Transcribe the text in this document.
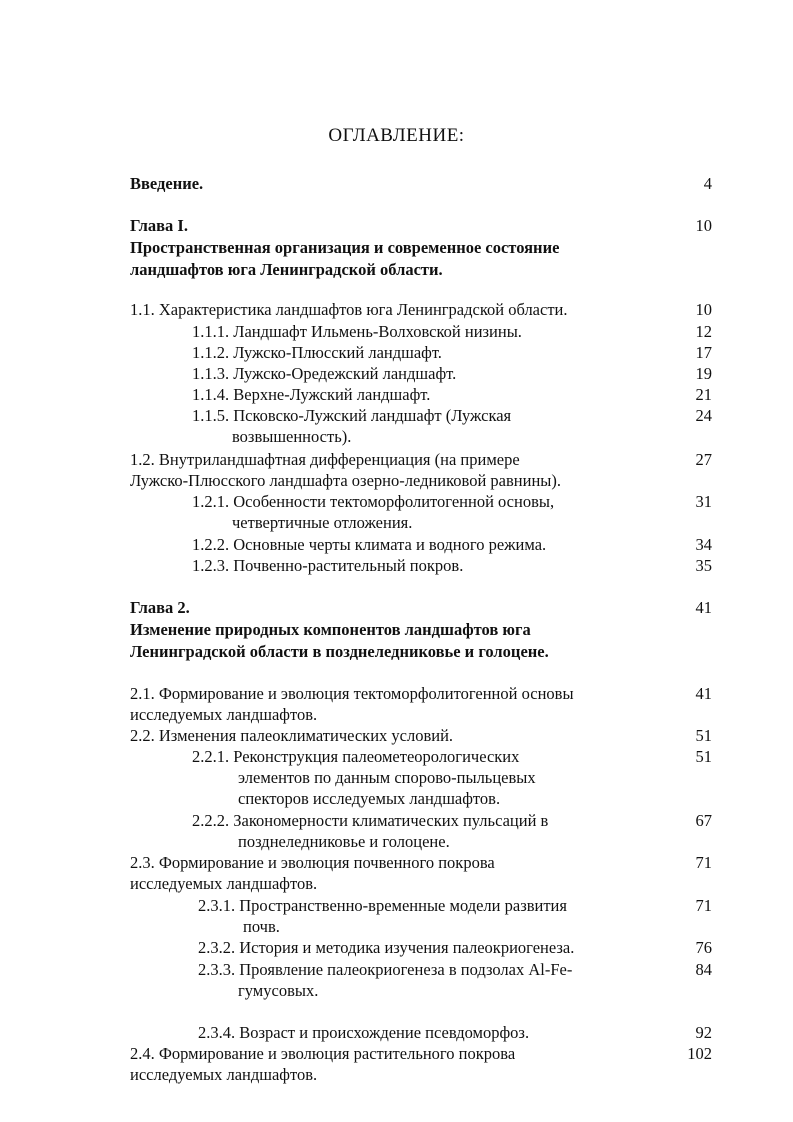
ОГЛАВЛЕНИЕ:
Введение.	4
Глава I.	10
Пространственная организация и современное состояние
ландшафтов юга Ленинградской области.
1.1. Характеристика ландшафтов юга Ленинградской области.	10
1.1.1. Ландшафт Ильмень-Волховской низины.	12
1.1.2. Лужско-Плюсский ландшафт.	17
1.1.3. Лужско-Оредежский ландшафт.	19
1.1.4. Верхне-Лужский ландшафт.	21
1.1.5. Псковско-Лужский ландшафт (Лужская	24
возвышенность).
1.2. Внутриландшафтная дифференциация (на примере	27
Лужско-Плюсского ландшафта озерно-ледниковой равнины).
1.2.1. Особенности тектоморфолитогенной основы,	31
четвертичные отложения.
1.2.2. Основные черты климата и водного режима.	34
1.2.3. Почвенно-растительный покров.	35
Глава 2.	41
Изменение природных компонентов ландшафтов юга
Ленинградской области в позднеледниковье и голоцене.
2.1. Формирование и эволюция тектоморфолитогенной основы	41
исследуемых ландшафтов.
2.2. Изменения палеоклиматических условий.	51
2.2.1. Реконструкция палеометеорологических	51
элементов по данным спорово-пыльцевых
спекторов исследуемых ландшафтов.
2.2.2. Закономерности климатических пульсаций в	67
позднеледниковье и голоцене.
2.3. Формирование и эволюция почвенного покрова	71
исследуемых ландшафтов.
2.3.1. Пространственно-временные модели развития	71
почв.
2.3.2. История и методика изучения палеокриогенеза.	76
2.3.3. Проявление палеокриогенеза в подзолах Al-Fe-	84
гумусовых.
2.3.4. Возраст и происхождение псевдоморфоз.	92
2.4. Формирование и эволюция растительного покрова	102
исследуемых ландшафтов.
